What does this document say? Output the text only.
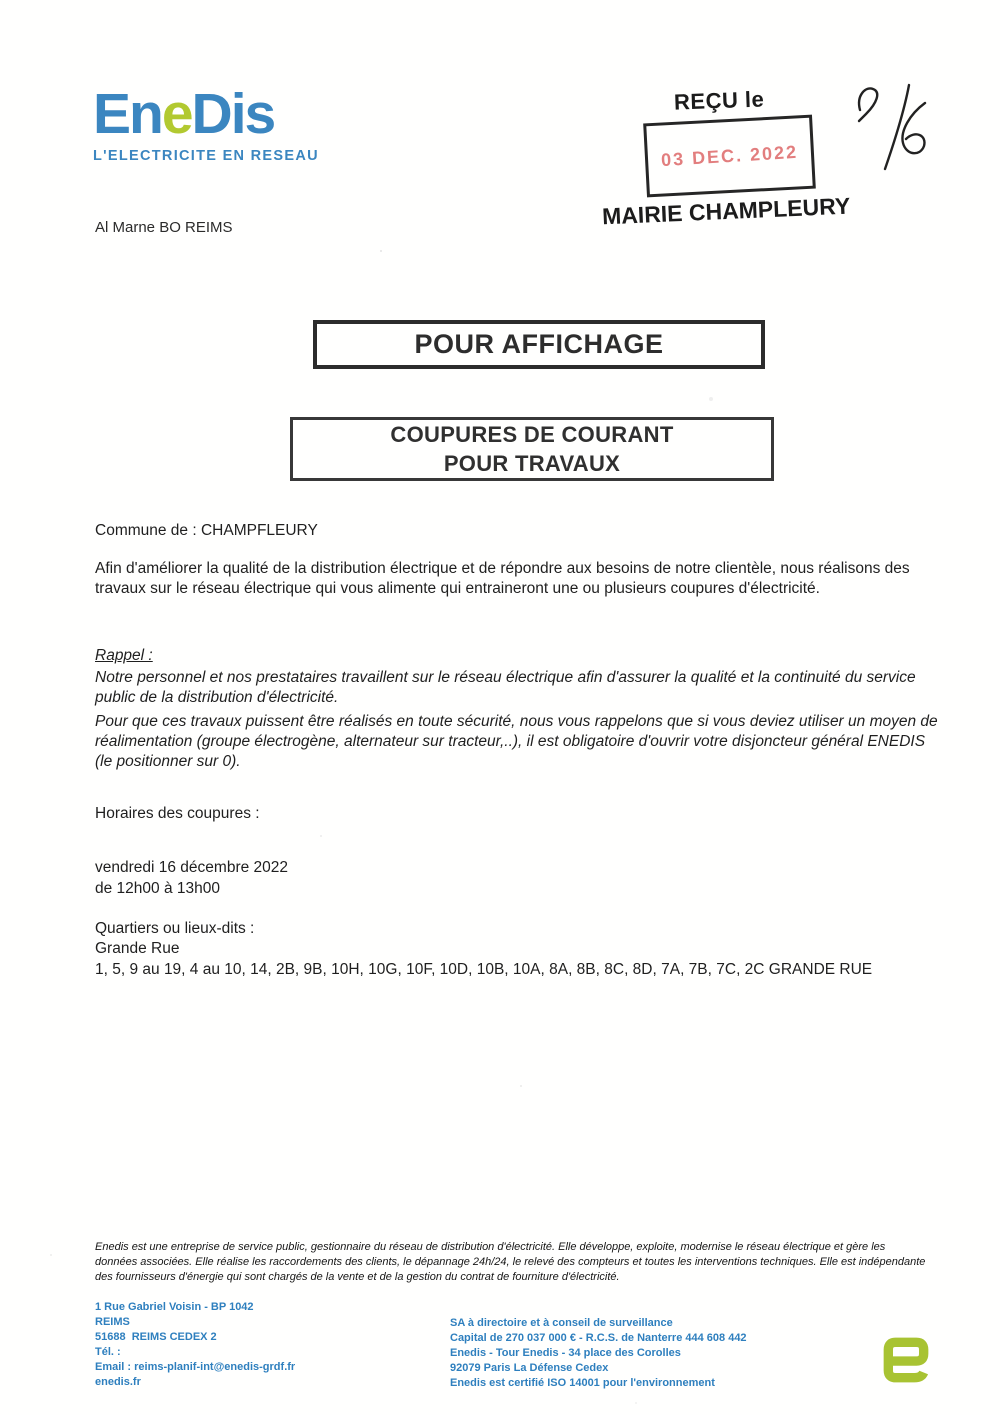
EneDis
L'ELECTRICITE EN RESEAU
Al Marne BO REIMS
REÇU le
03 DEC. 2022
MAIRIE CHAMPLEURY
POUR AFFICHAGE
COUPURES DE COURANT
POUR TRAVAUX
Commune de : CHAMPFLEURY
Afin d'améliorer la qualité de la distribution électrique et de répondre aux besoins de notre clientèle, nous réalisons des travaux sur le réseau électrique qui vous alimente qui entraineront une ou plusieurs coupures d'électricité.
Rappel :
Notre personnel et nos prestataires travaillent sur le réseau électrique afin d'assurer la qualité et la continuité du service public de la distribution d'électricité.
Pour que ces travaux puissent être réalisés en toute sécurité, nous vous rappelons que si vous deviez utiliser un moyen de réalimentation (groupe électrogène, alternateur sur tracteur,..), il est obligatoire d'ouvrir votre disjoncteur général ENEDIS (le positionner sur 0).
Horaires des coupures :
vendredi 16 décembre 2022
de 12h00 à 13h00
Quartiers ou lieux-dits :
Grande Rue
1, 5, 9 au 19, 4 au 10, 14, 2B, 9B, 10H, 10G, 10F, 10D, 10B, 10A, 8A, 8B, 8C, 8D, 7A, 7B, 7C, 2C GRANDE RUE
Enedis est une entreprise de service public, gestionnaire du réseau de distribution d'électricité. Elle développe, exploite, modernise le réseau électrique et gère les données associées. Elle réalise les raccordements des clients, le dépannage 24h/24, le relevé des compteurs et toutes les interventions techniques. Elle est indépendante des fournisseurs d'énergie qui sont chargés de la vente et de la gestion du contrat de fourniture d'électricité.
1 Rue Gabriel Voisin - BP 1042
REIMS
51688  REIMS CEDEX 2
Tél. :
Email : reims-planif-int@enedis-grdf.fr
enedis.fr
SA à directoire et à conseil de surveillance
Capital de 270 037 000 € - R.C.S. de Nanterre 444 608 442
Enedis - Tour Enedis - 34 place des Corolles
92079 Paris La Défense Cedex
Enedis est certifié ISO 14001 pour l'environnement
